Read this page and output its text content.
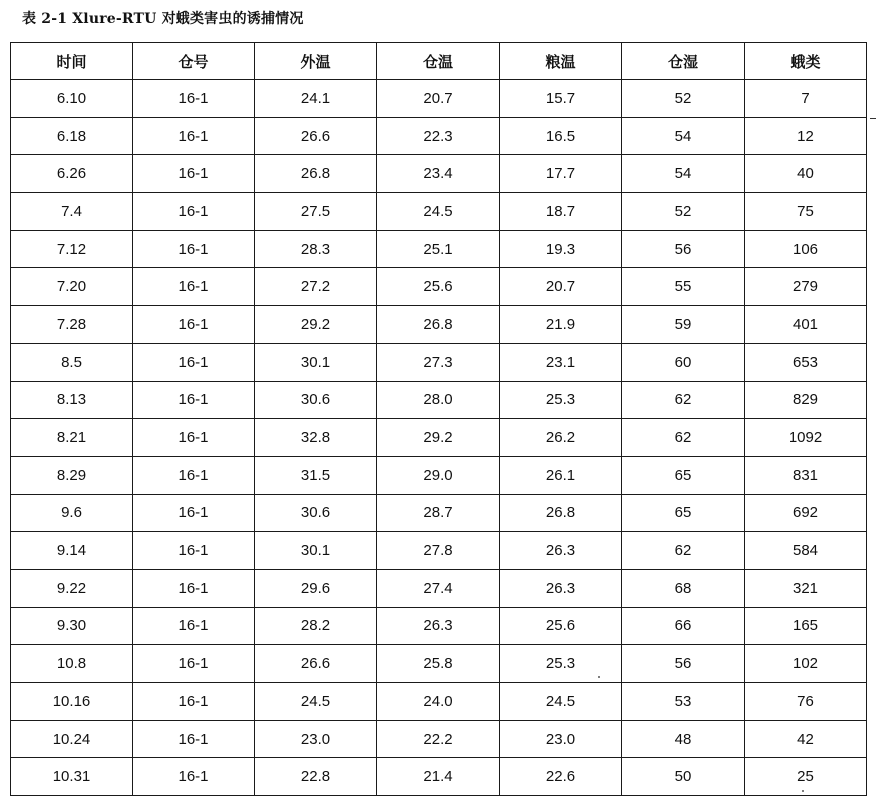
表 2-1 Xlure-RTU 对蛾类害虫的诱捕情况
时间	仓号	外温	仓温	粮温	仓湿	蛾类
6.10	16-1	24.1	20.7	15.7	52	7
6.18	16-1	26.6	22.3	16.5	54	12
6.26	16-1	26.8	23.4	17.7	54	40
7.4	16-1	27.5	24.5	18.7	52	75
7.12	16-1	28.3	25.1	19.3	56	106
7.20	16-1	27.2	25.6	20.7	55	279
7.28	16-1	29.2	26.8	21.9	59	401
8.5	16-1	30.1	27.3	23.1	60	653
8.13	16-1	30.6	28.0	25.3	62	829
8.21	16-1	32.8	29.2	26.2	62	1092
8.29	16-1	31.5	29.0	26.1	65	831
9.6	16-1	30.6	28.7	26.8	65	692
9.14	16-1	30.1	27.8	26.3	62	584
9.22	16-1	29.6	27.4	26.3	68	321
9.30	16-1	28.2	26.3	25.6	66	165
10.8	16-1	26.6	25.8	25.3	56	102
10.16	16-1	24.5	24.0	24.5	53	76
10.24	16-1	23.0	22.2	23.0	48	42
10.31	16-1	22.8	21.4	22.6	50	25
